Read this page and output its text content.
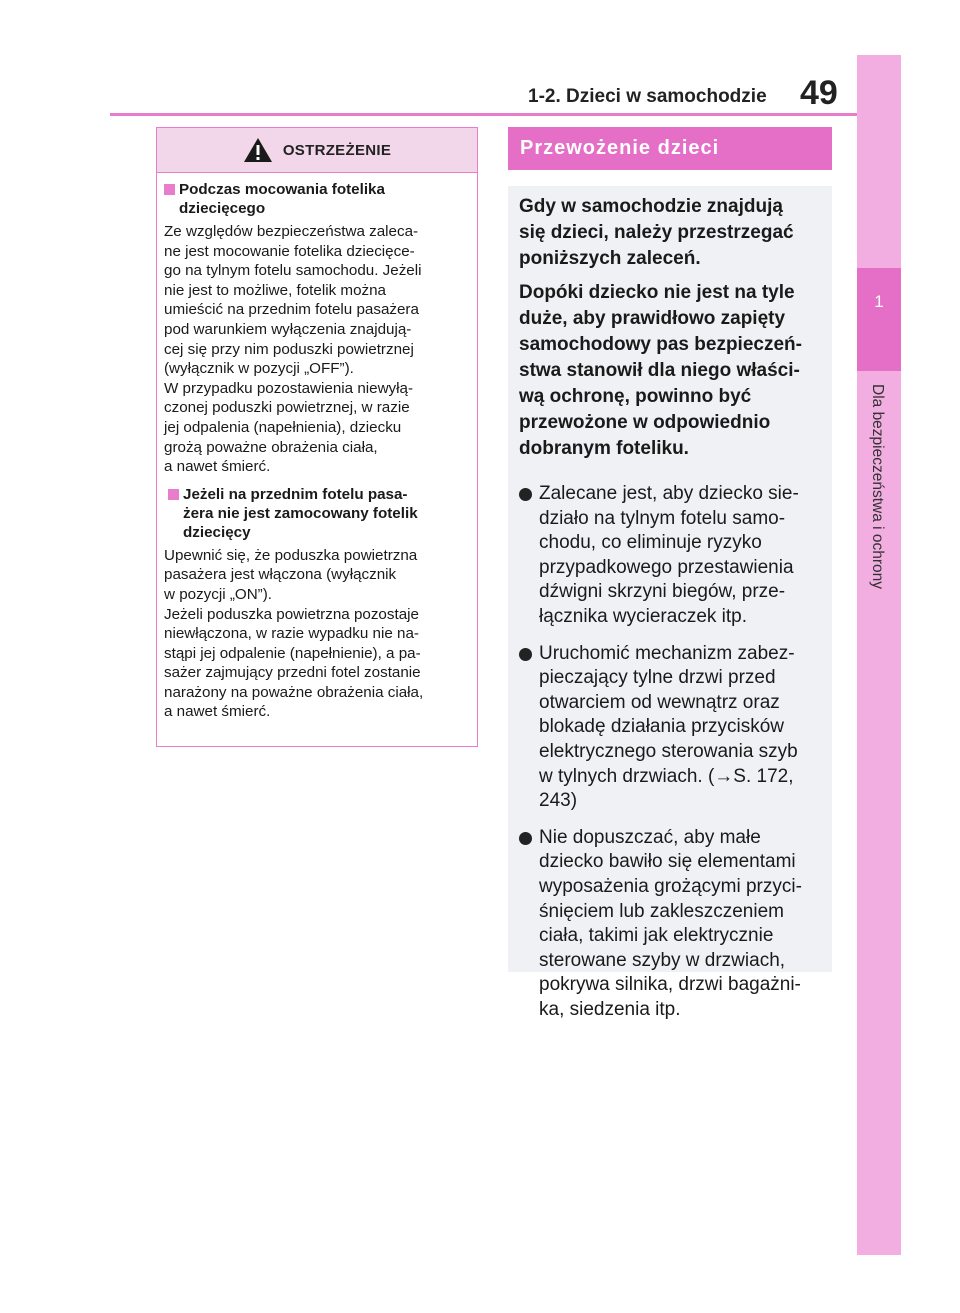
1-2. Dzieci w samochodzie 49
1
Dla bezpieczeństwa i ochrony
OSTRZEŻENIE
Podczas mocowania fotelika
dziecięcego
Ze względów bezpieczeństwa zaleca-
ne jest mocowanie fotelika dziecięce-
go na tylnym fotelu samochodu. Jeżeli
nie jest to możliwe, fotelik można
umieścić na przednim fotelu pasażera
pod warunkiem wyłączenia znajdują-
cej się przy nim poduszki powietrznej
(wyłącznik w pozycji „OFF”).
W przypadku pozostawienia niewyłą-
czonej poduszki powietrznej, w razie
jej odpalenia (napełnienia), dziecku
grożą poważne obrażenia ciała,
a nawet śmierć.
Jeżeli na przednim fotelu pasa-
żera nie jest zamocowany fotelik
dziecięcy
Upewnić się, że poduszka powietrzna
pasażera jest włączona (wyłącznik
w pozycji „ON”).
Jeżeli poduszka powietrzna pozostaje
niewłączona, w razie wypadku nie na-
stąpi jej odpalenie (napełnienie), a pa-
sażer zajmujący przedni fotel zostanie
narażony na poważne obrażenia ciała,
a nawet śmierć.
Przewożenie dzieci

Gdy w samochodzie znajdują
się dzieci, należy przestrzegać
poniższych zaleceń.

Dopóki dziecko nie jest na tyle
duże, aby prawidłowo zapięty
samochodowy pas bezpieczeń-
stwa stanowił dla niego właści-
wą ochronę, powinno być
przewożone w odpowiednio
dobranym foteliku.

Zalecane jest, aby dziecko sie-
działo na tylnym fotelu samo-
chodu, co eliminuje ryzyko
przypadkowego przestawienia
dźwigni skrzyni biegów, prze-
łącznika wycieraczek itp.
Uruchomić mechanizm zabez-
pieczający tylne drzwi przed
otwarciem od wewnątrz oraz
blokadę działania przycisków
elektrycznego sterowania szyb
w tylnych drzwiach. (→S. 172,
243)
Nie dopuszczać, aby małe
dziecko bawiło się elementami
wyposażenia grożącymi przyci-
śnięciem lub zakleszczeniem
ciała, takimi jak elektrycznie
sterowane szyby w drzwiach,
pokrywa silnika, drzwi bagażni-
ka, siedzenia itp.
